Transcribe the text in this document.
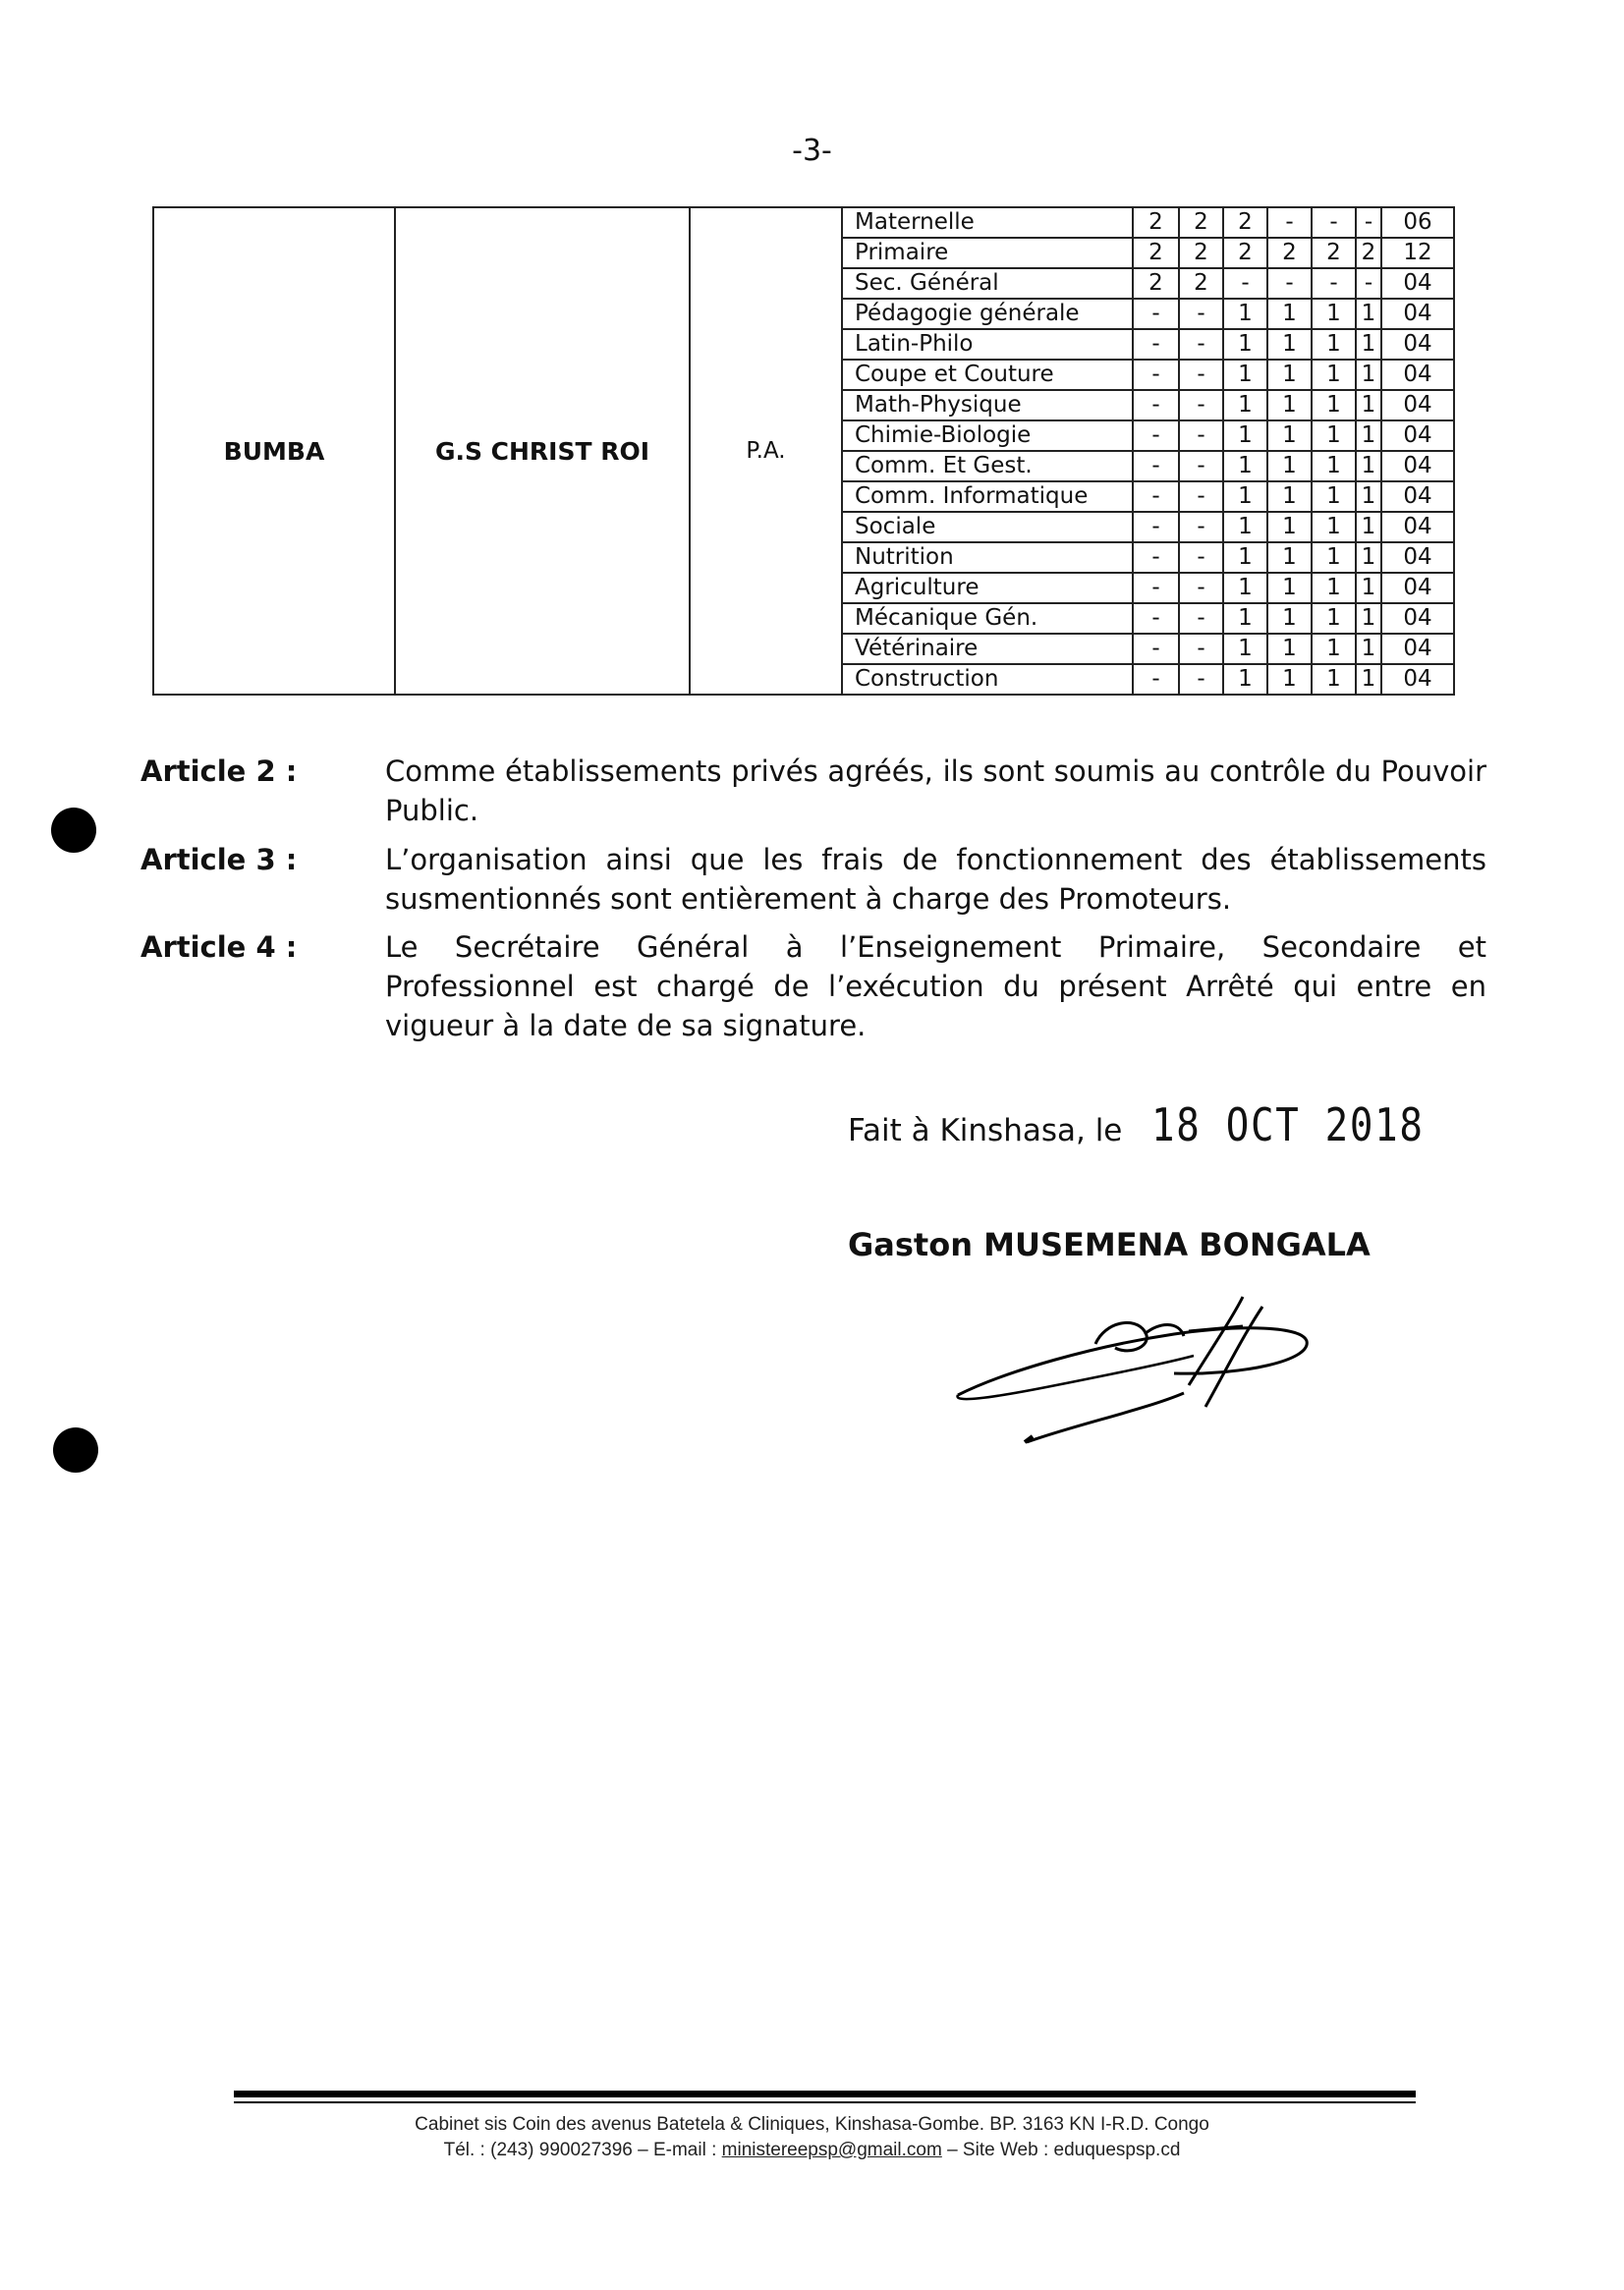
-3-
BUMBA	G.S CHRIST ROI	P.A.	Maternelle	2	2	2	-	-	-	06
			Primaire	2	2	2	2	2	2	12
			Sec. Général	2	2	-	-	-	-	04
			Pédagogie générale	-	-	1	1	1	1	04
			Latin-Philo	-	-	1	1	1	1	04
			Coupe et Couture	-	-	1	1	1	1	04
			Math-Physique	-	-	1	1	1	1	04
			Chimie-Biologie	-	-	1	1	1	1	04
			Comm. Et Gest.	-	-	1	1	1	1	04
			Comm. Informatique	-	-	1	1	1	1	04
			Sociale	-	-	1	1	1	1	04
			Nutrition	-	-	1	1	1	1	04
			Agriculture	-	-	1	1	1	1	04
			Mécanique Gén.	-	-	1	1	1	1	04
			Vétérinaire	-	-	1	1	1	1	04
			Construction	-	-	1	1	1	1	04
Article 2 :	Comme établissements privés agréés, ils sont soumis au contrôle du Pouvoir Public.
Article 3 :	L’organisation ainsi que les frais de fonctionnement des établissements susmentionnés sont entièrement à charge des Promoteurs.
Article 4 :	Le Secrétaire Général à l’Enseignement Primaire, Secondaire et Professionnel est chargé de l’exécution du présent Arrêté qui entre en vigueur à la date de sa signature.
Fait à Kinshasa, le 18 OCT 2018
Gaston MUSEMENA BONGALA
Cabinet sis Coin des avenus Batetela & Cliniques, Kinshasa-Gombe. BP. 3163 KN I-R.D. Congo
Tél. : (243) 990027396 – E-mail : ministereepsp@gmail.com – Site Web : eduquespsp.cd
